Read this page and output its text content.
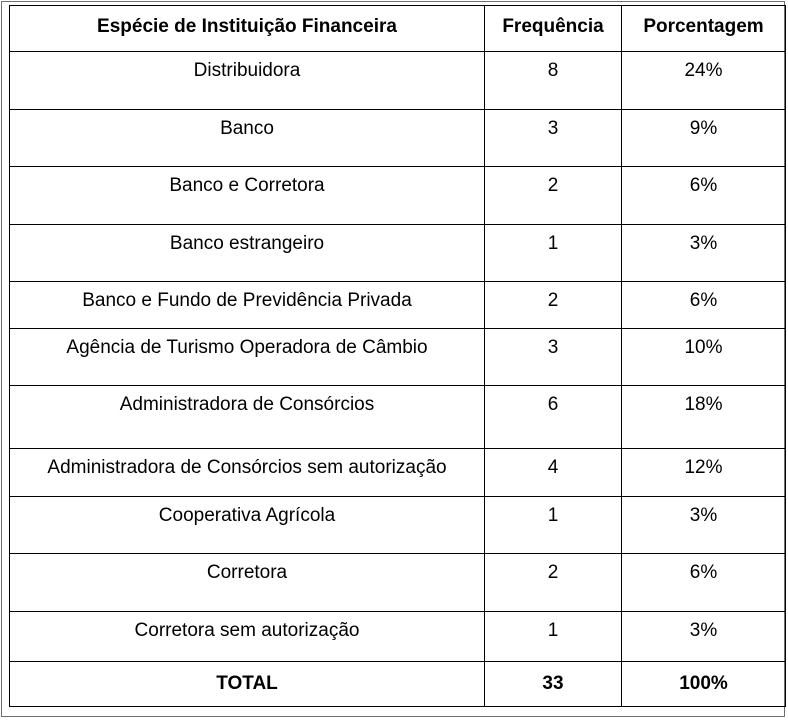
Espécie de Instituição Financeira	Frequência	Porcentagem
Distribuidora	8	24%
Banco	3	9%
Banco e Corretora	2	6%
Banco estrangeiro	1	3%
Banco e Fundo de Previdência Privada	2	6%
Agência de Turismo Operadora de Câmbio	3	10%
Administradora de Consórcios	6	18%
Administradora de Consórcios sem autorização	4	12%
Cooperativa Agrícola	1	3%
Corretora	2	6%
Corretora sem autorização	1	3%
TOTAL	33	100%
